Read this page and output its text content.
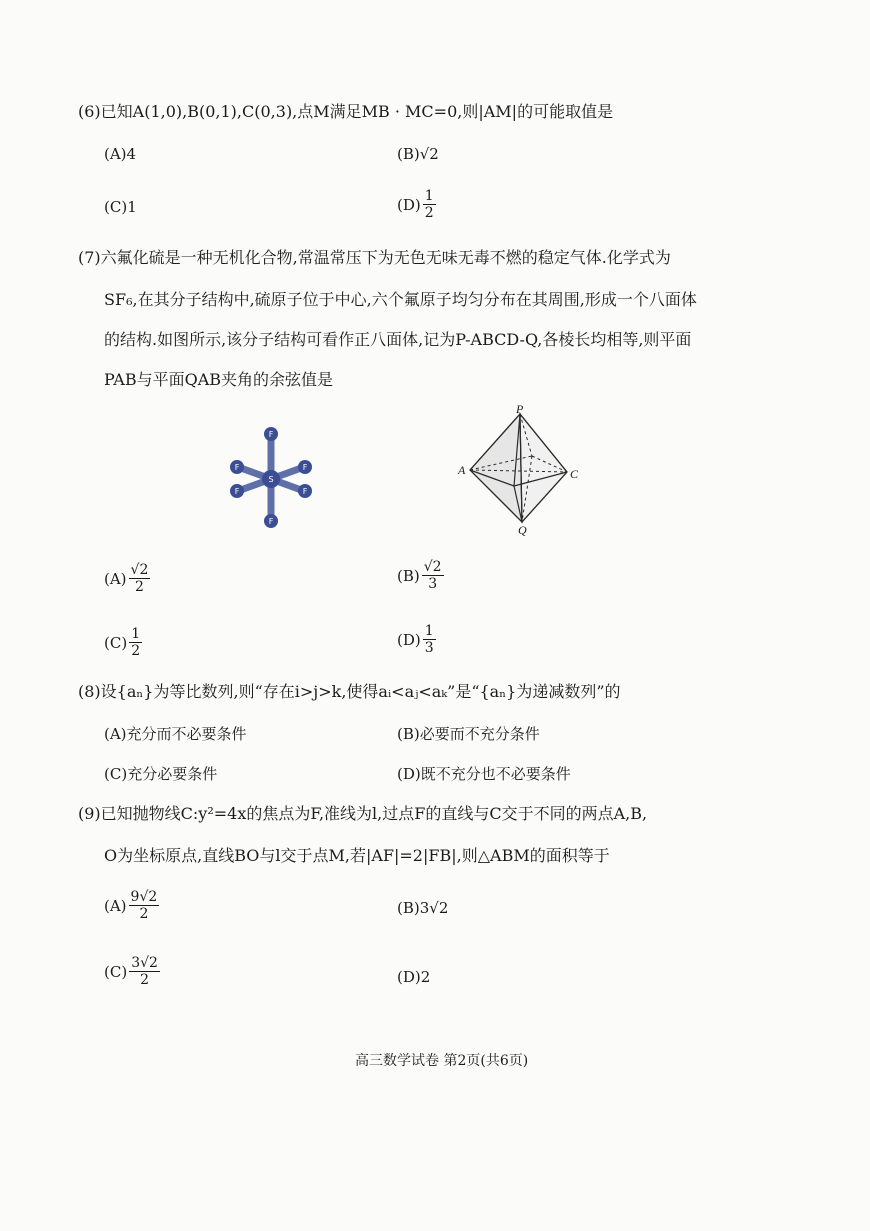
(6)已知A(1,0),B(0,1),C(0,3),点M满足MB · MC=0,则|AM|的可能取值是
(A) 4	(B) √2
(C) 1	$(D) \frac{1}{2}$
(7)六氟化硫是一种无机化合物,常温常压下为无色无味无毒不燃的稳定气体.化学式为
SF₆,在其分子结构中,硫原子位于中心,六个氟原子均匀分布在其周围,形成一个八面体
的结构.如图所示,该分子结构可看作正八面体,记为P-ABCD-Q,各棱长均相等,则平面
PAB与平面QAB夹角的余弦值是
S
F
F
F	F
F	F
P
A	C
Q
$(A) \frac{√2}{2}$	$(B) \frac{√2}{3}$
$(C) \frac{1}{2}$	$(D) \frac{1}{3}$
(8)设{aₙ}为等比数列,则“存在i>j>k,使得aᵢ<aⱼ<aₖ”是“{aₙ}为递减数列”的
(A) 充分而不必要条件	(B) 必要而不充分条件
(C) 充分必要条件	(D) 既不充分也不必要条件
(9)已知抛物线C:y²=4x的焦点为F,准线为l,过点F的直线与C交于不同的两点A,B,
O为坐标原点,直线BO与l交于点M,若|AF|=2|FB|,则△ABM的面积等于
$(A) \frac{9√2}{2}$	(B) 3√2
$(C) \frac{3√2}{2}$	(D) 2
高三数学试卷 第2页(共6页)
